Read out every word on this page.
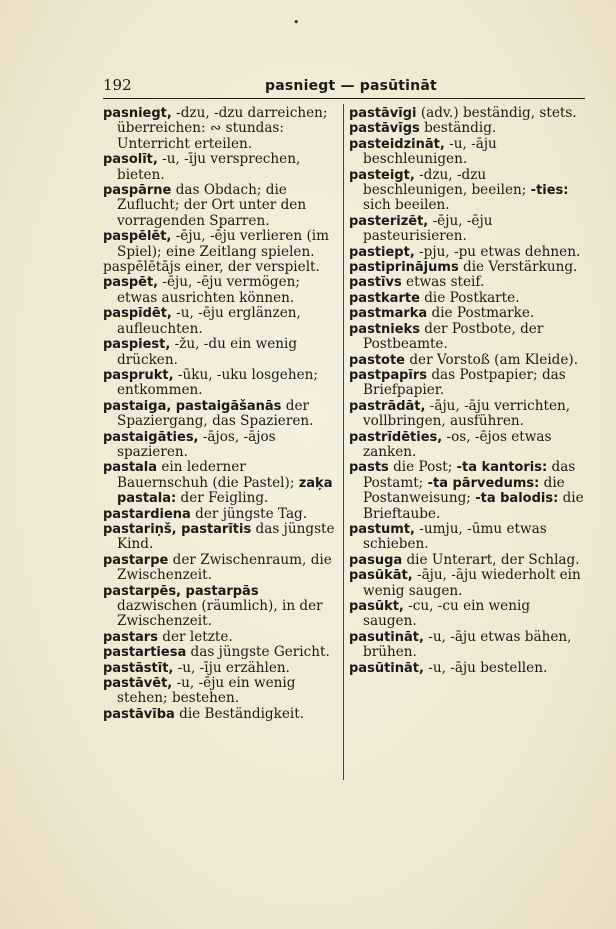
•
192	pasniegt — pasūtināt
pasniegt, -dzu, -dzu darreichen; überreichen: ∾ stundas: Unterricht erteilen.
pasolīt, -u, -īju versprechen, bieten.
paspārne das Obdach; die Zuflucht; der Ort unter den vorragenden Sparren.
paspēlēt, -ēju, -ēju verlieren (im Spiel); eine Zeitlang spielen.
paspēlētājs einer, der verspielt.
paspēt, -ēju, -ēju vermögen; etwas ausrichten können.
paspīdēt, -u, -ēju erglänzen, aufleuchten.
paspiest, -žu, -du ein wenig drücken.
pasprukt, -ūku, -uku losgehen; entkommen.
pastaiga, pastaigāšanās der Spaziergang, das Spazieren.
pastaigāties, -ājos, -ājos spazieren.
pastala ein lederner Bauernschuh (die Pastel); zaķa pastala: der Feigling.
pastardiena der jüngste Tag.
pastariņš, pastarītis das jüngste Kind.
pastarpe der Zwischenraum, die Zwischenzeit.
pastarpēs, pastarpās dazwischen (räumlich), in der Zwischenzeit.
pastars der letzte.
pastartiesa das jüngste Gericht.
pastāstīt, -u, -īju erzählen.
pastāvēt, -u, -ēju ein wenig stehen; bestehen.
pastāvība die Beständigkeit.
pastāvīgi (adv.) beständig, stets.
pastāvīgs beständig.
pasteidzināt, -u, -āju beschleunigen.
pasteigt, -dzu, -dzu beschleunigen, beeilen; -ties: sich beeilen.
pasterizēt, -ēju, -ēju pasteurisieren.
pastiept, -pju, -pu etwas dehnen.
pastiprinājums die Verstärkung.
pastīvs etwas steif.
pastkarte die Postkarte.
pastmarka die Postmarke.
pastnieks der Postbote, der Postbeamte.
pastote der Vorstoß (am Kleide).
pastpapīrs das Postpapier; das Briefpapier.
pastrādāt, -āju, -āju verrichten, vollbringen, ausführen.
pastrīdēties, -os, -ējos etwas zanken.
pasts die Post; -ta kantoris: das Postamt; -ta pārvedums: die Postanweisung; -ta balodis: die Brieftaube.
pastumt, -umju, -ūmu etwas schieben.
pasuga die Unterart, der Schlag.
pasūkāt, -āju, -āju wiederholt ein wenig saugen.
pasūkt, -cu, -cu ein wenig saugen.
pasutināt, -u, -āju etwas bähen, brühen.
pasūtināt, -u, -āju bestellen.
